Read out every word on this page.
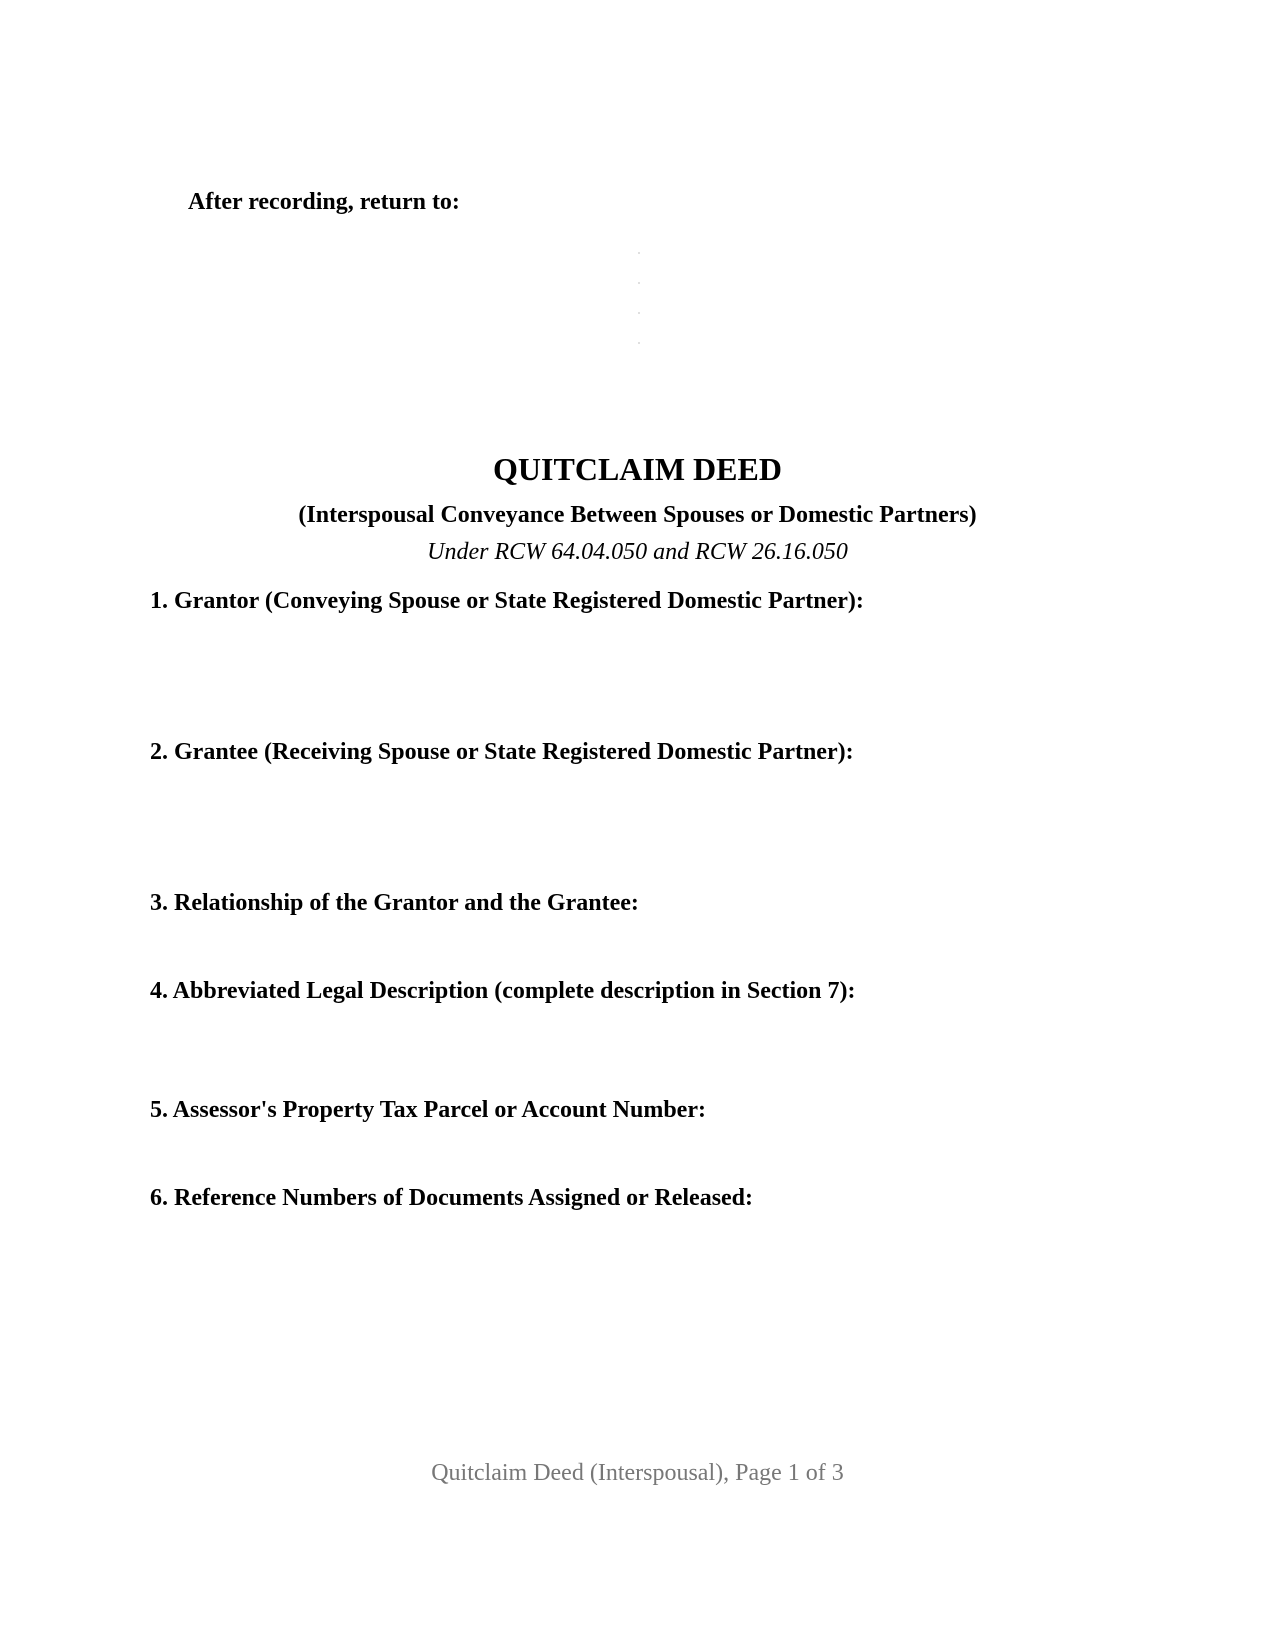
After recording, return to:
QUITCLAIM DEED
(Interspousal Conveyance Between Spouses or Domestic Partners)
Under RCW 64.04.050 and RCW 26.16.050
1. Grantor (Conveying Spouse or State Registered Domestic Partner):
2. Grantee (Receiving Spouse or State Registered Domestic Partner):
3. Relationship of the Grantor and the Grantee:
4. Abbreviated Legal Description (complete description in Section 7):
5. Assessor's Property Tax Parcel or Account Number:
6. Reference Numbers of Documents Assigned or Released:
Quitclaim Deed (Interspousal), Page 1 of 3
